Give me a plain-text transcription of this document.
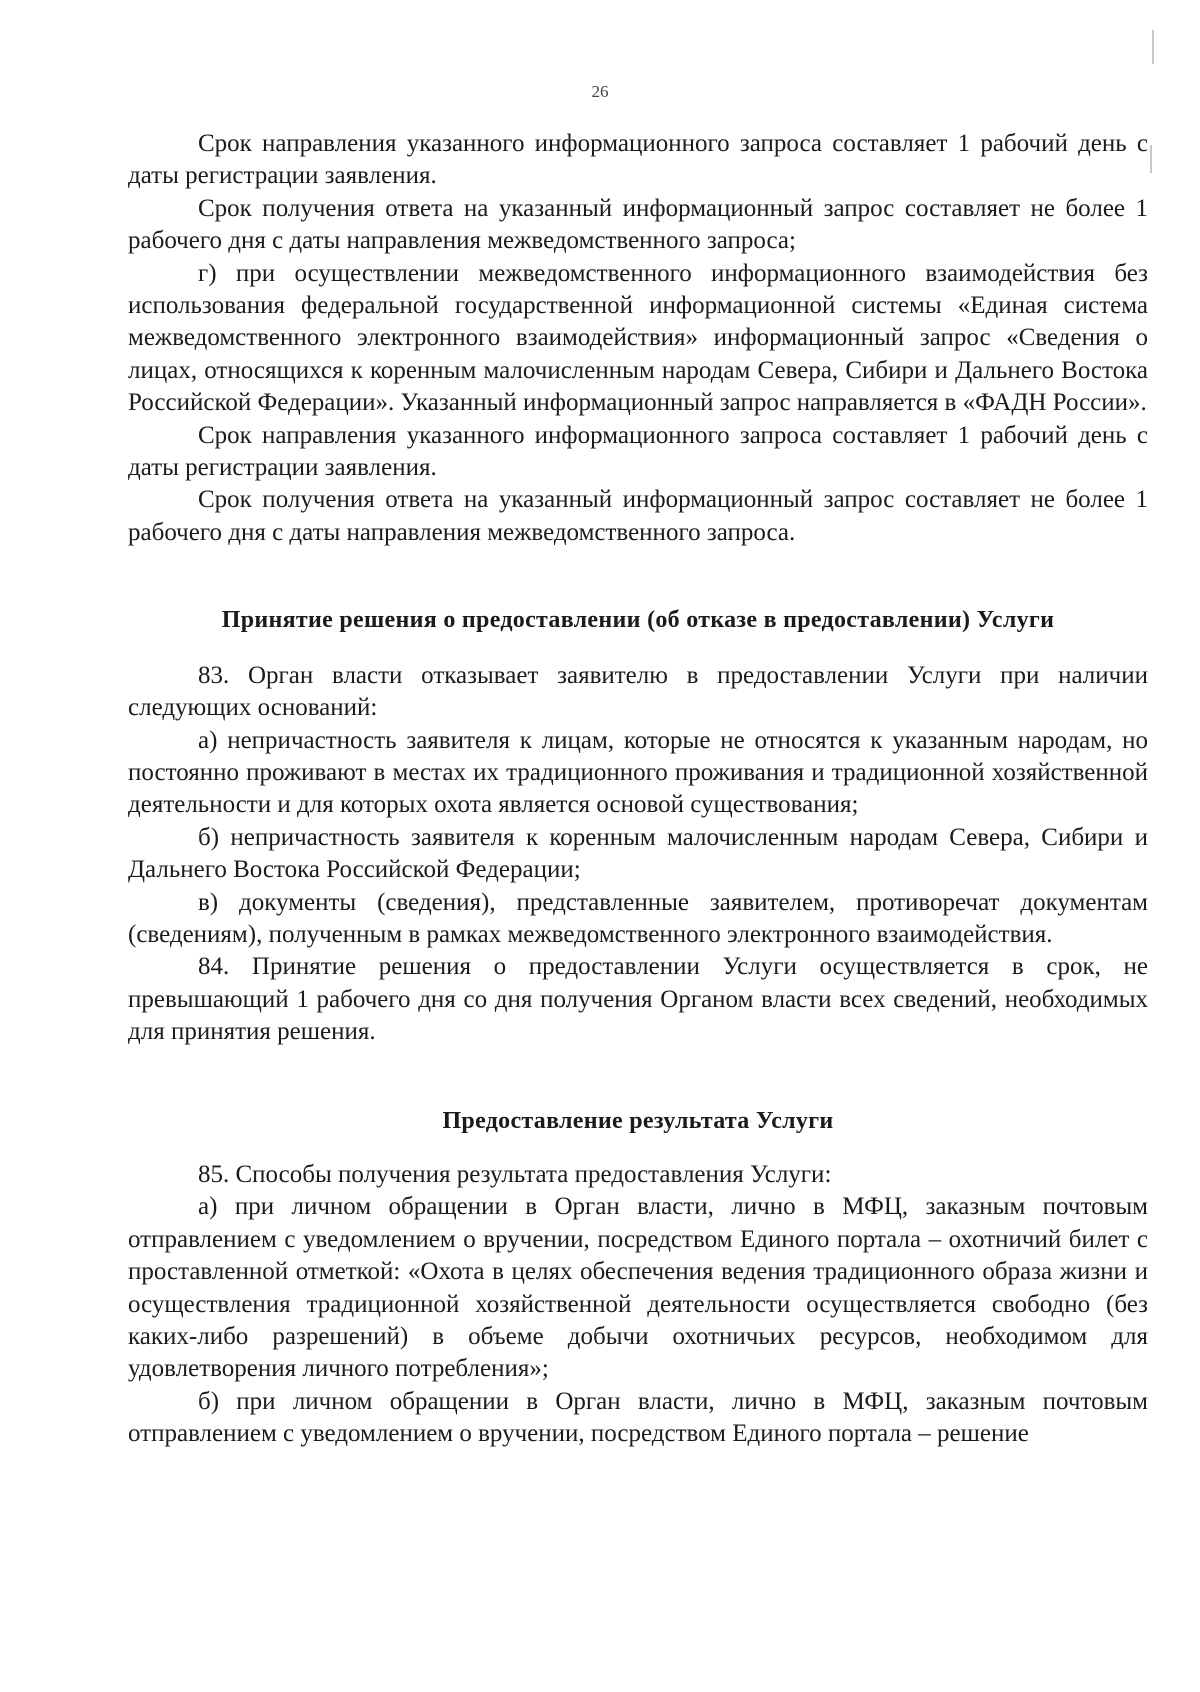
26

Срок направления указанного информационного запроса составляет 1 рабочий день с даты регистрации заявления.

Срок получения ответа на указанный информационный запрос составляет не более 1 рабочего дня с даты направления межведомственного запроса;

г) при осуществлении межведомственного информационного взаимодействия без использования федеральной государственной информационной системы «Единая система межведомственного электронного взаимодействия» информационный запрос «Сведения о лицах, относящихся к коренным малочисленным народам Севера, Сибири и Дальнего Востока Российской Федерации». Указанный информационный запрос направляется в «ФАДН России».

Срок направления указанного информационного запроса составляет 1 рабочий день с даты регистрации заявления.

Срок получения ответа на указанный информационный запрос составляет не более 1 рабочего дня с даты направления межведомственного запроса.

Принятие решения о предоставлении (об отказе в предоставлении) Услуги

83. Орган власти отказывает заявителю в предоставлении Услуги при наличии следующих оснований:

а) непричастность заявителя к лицам, которые не относятся к указанным народам, но постоянно проживают в местах их традиционного проживания и традиционной хозяйственной деятельности и для которых охота является основой существования;

б) непричастность заявителя к коренным малочисленным народам Севера, Сибири и Дальнего Востока Российской Федерации;

в) документы (сведения), представленные заявителем, противоречат документам (сведениям), полученным в рамках межведомственного электронного взаимодействия.

84. Принятие решения о предоставлении Услуги осуществляется в срок, не превышающий 1 рабочего дня со дня получения Органом власти всех сведений, необходимых для принятия решения.

Предоставление результата Услуги

85. Способы получения результата предоставления Услуги:

а) при личном обращении в Орган власти, лично в МФЦ, заказным почтовым отправлением с уведомлением о вручении, посредством Единого портала – охотничий билет с проставленной отметкой: «Охота в целях обеспечения ведения традиционного образа жизни и осуществления традиционной хозяйственной деятельности осуществляется свободно (без каких-либо разрешений) в объеме добычи охотничьих ресурсов, необходимом для удовлетворения личного потребления»;

б) при личном обращении в Орган власти, лично в МФЦ, заказным почтовым отправлением с уведомлением о вручении, посредством Единого портала – решение
